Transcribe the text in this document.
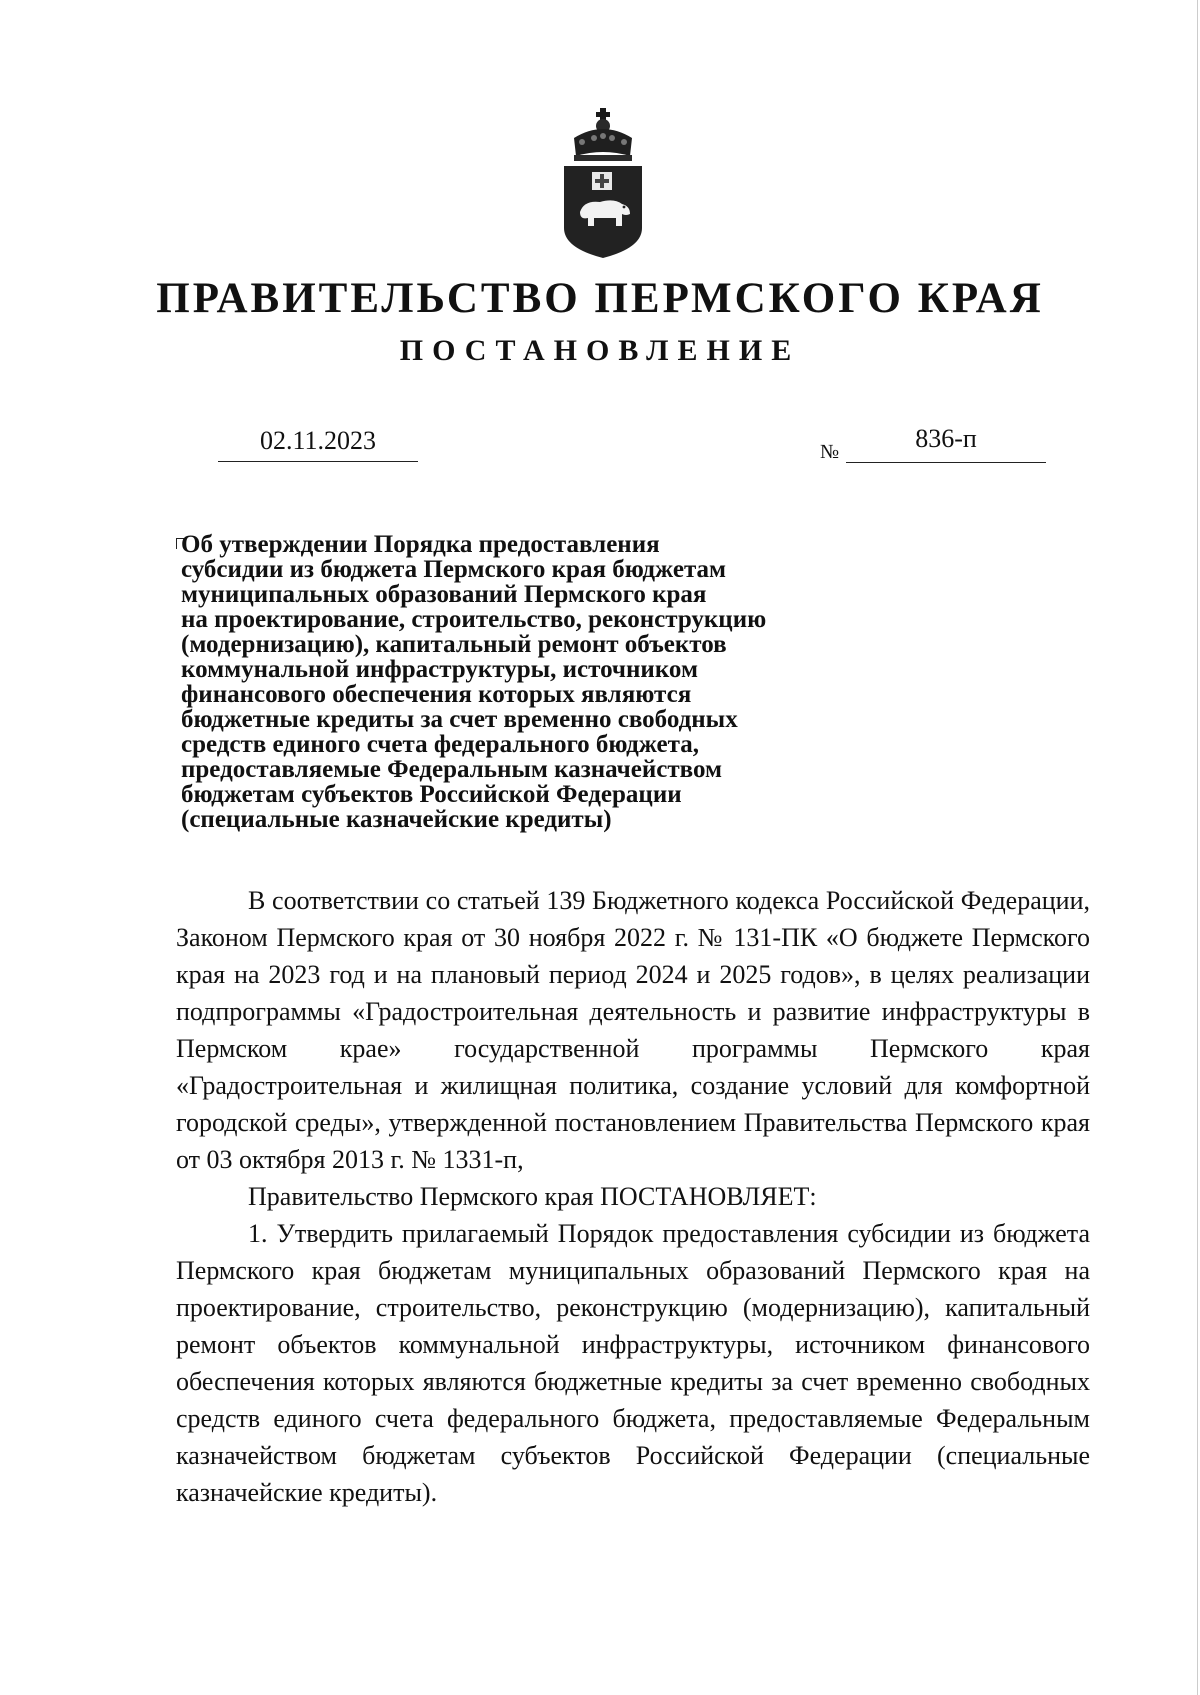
ПРАВИТЕЛЬСТВО ПЕРМСКОГО КРАЯ
ПОСТАНОВЛЕНИЕ
02.11.2023	№	836-п
Об утверждении Порядка предоставления
субсидии из бюджета Пермского края бюджетам
муниципальных образований Пермского края
на проектирование, строительство, реконструкцию
(модернизацию), капитальный ремонт объектов
коммунальной инфраструктуры, источником
финансового обеспечения которых являются
бюджетные кредиты за счет временно свободных
средств единого счета федерального бюджета,
предоставляемые Федеральным казначейством
бюджетам субъектов Российской Федерации
(специальные казначейские кредиты)

В соответствии со статьей 139 Бюджетного кодекса Российской Федерации, Законом Пермского края от 30 ноября 2022 г. № 131-ПК «О бюджете Пермского края на 2023 год и на плановый период 2024 и 2025 годов», в целях реализации подпрограммы «Градостроительная деятельность и развитие инфраструктуры в Пермском крае» государственной программы Пермского края «Градостроительная и жилищная политика, создание условий для комфортной городской среды», утвержденной постановлением Правительства Пермского края от 03 октября 2013 г. № 1331-п,

Правительство Пермского края ПОСТАНОВЛЯЕТ:

1. Утвердить прилагаемый Порядок предоставления субсидии из бюджета Пермского края бюджетам муниципальных образований Пермского края на проектирование, строительство, реконструкцию (модернизацию), капитальный ремонт объектов коммунальной инфраструктуры, источником финансового обеспечения которых являются бюджетные кредиты за счет временно свободных средств единого счета федерального бюджета, предоставляемые Федеральным казначейством бюджетам субъектов Российской Федерации (специальные казначейские кредиты).
